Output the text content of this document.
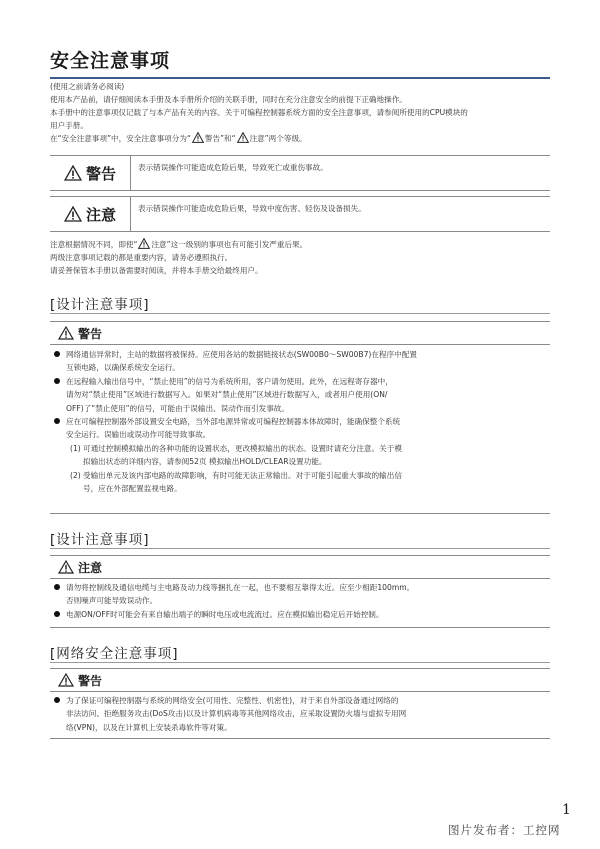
安全注意事项

(使用之前请务必阅读)

使用本产品前，请仔细阅读本手册及本手册所介绍的关联手册，同时在充分注意安全的前提下正确地操作。

本手册中的注意事项仅记载了与本产品有关的内容。关于可编程控制器系统方面的安全注意事项，请参阅所使用的CPU模块的

用户手册。

在“安全注意事项”中，安全注意事项分为“ 警告”和“ 注意”两个等级。

警告	表示错误操作可能造成危险后果，导致死亡或重伤事故。
注意	表示错误操作可能造成危险后果，导致中度伤害、轻伤及设备损失。

注意根据情况不同，即使“ 注意”这一级别的事项也有可能引发严重后果。

两级注意事项记载的都是重要内容，请务必遵照执行。

请妥善保管本手册以备需要时阅读，并将本手册交给最终用户。

[设计注意事项]
警告
网络通信异常时，主站的数据将被保持。应使用各站的数据链接状态(SW00B0～SW00B7)在程序中配置
互锁电路，以确保系统安全运行。
在远程输入输出信号中，“禁止使用”的信号为系统所用，客户请勿使用。此外，在远程寄存器中，
请勿对“禁止使用”区域进行数据写入。如果对“禁止使用”区域进行数据写入，或者用户使用(ON/
OFF)了“禁止使用”的信号，可能由于误输出、误动作而引发事故。
应在可编程控制器外部设置安全电路，当外部电源异常或可编程控制器本体故障时，能确保整个系统
安全运行。误输出或误动作可能导致事故。
(1) 可通过控制模拟输出的各种功能的设置状态，更改模拟输出的状态。设置时请充分注意。关于模
拟输出状态的详细内容，请参阅52页 模拟输出HOLD/CLEAR设置功能。
(2) 受输出单元及该内部电路的故障影响，有时可能无法正常输出。对于可能引起重大事故的输出信
号，应在外部配置监视电路。
[设计注意事项]
注意
请勿将控制线及通信电缆与主电路及动力线等捆扎在一起，也不要相互靠得太近。应至少相距100mm。
否则噪声可能导致误动作。
电源ON/OFF时可能会有来自输出端子的瞬时电压或电流流过。应在模拟输出稳定后开始控制。
[网络安全注意事项]
警告
为了保证可编程控制器与系统的网络安全(可用性、完整性、机密性)，对于来自外部设备通过网络的
非法访问、拒绝服务攻击(DoS攻击)以及计算机病毒等其他网络攻击，应采取设置防火墙与虚拟专用网
络(VPN)，以及在计算机上安装杀毒软件等对策。
1
图片发布者：工控网
